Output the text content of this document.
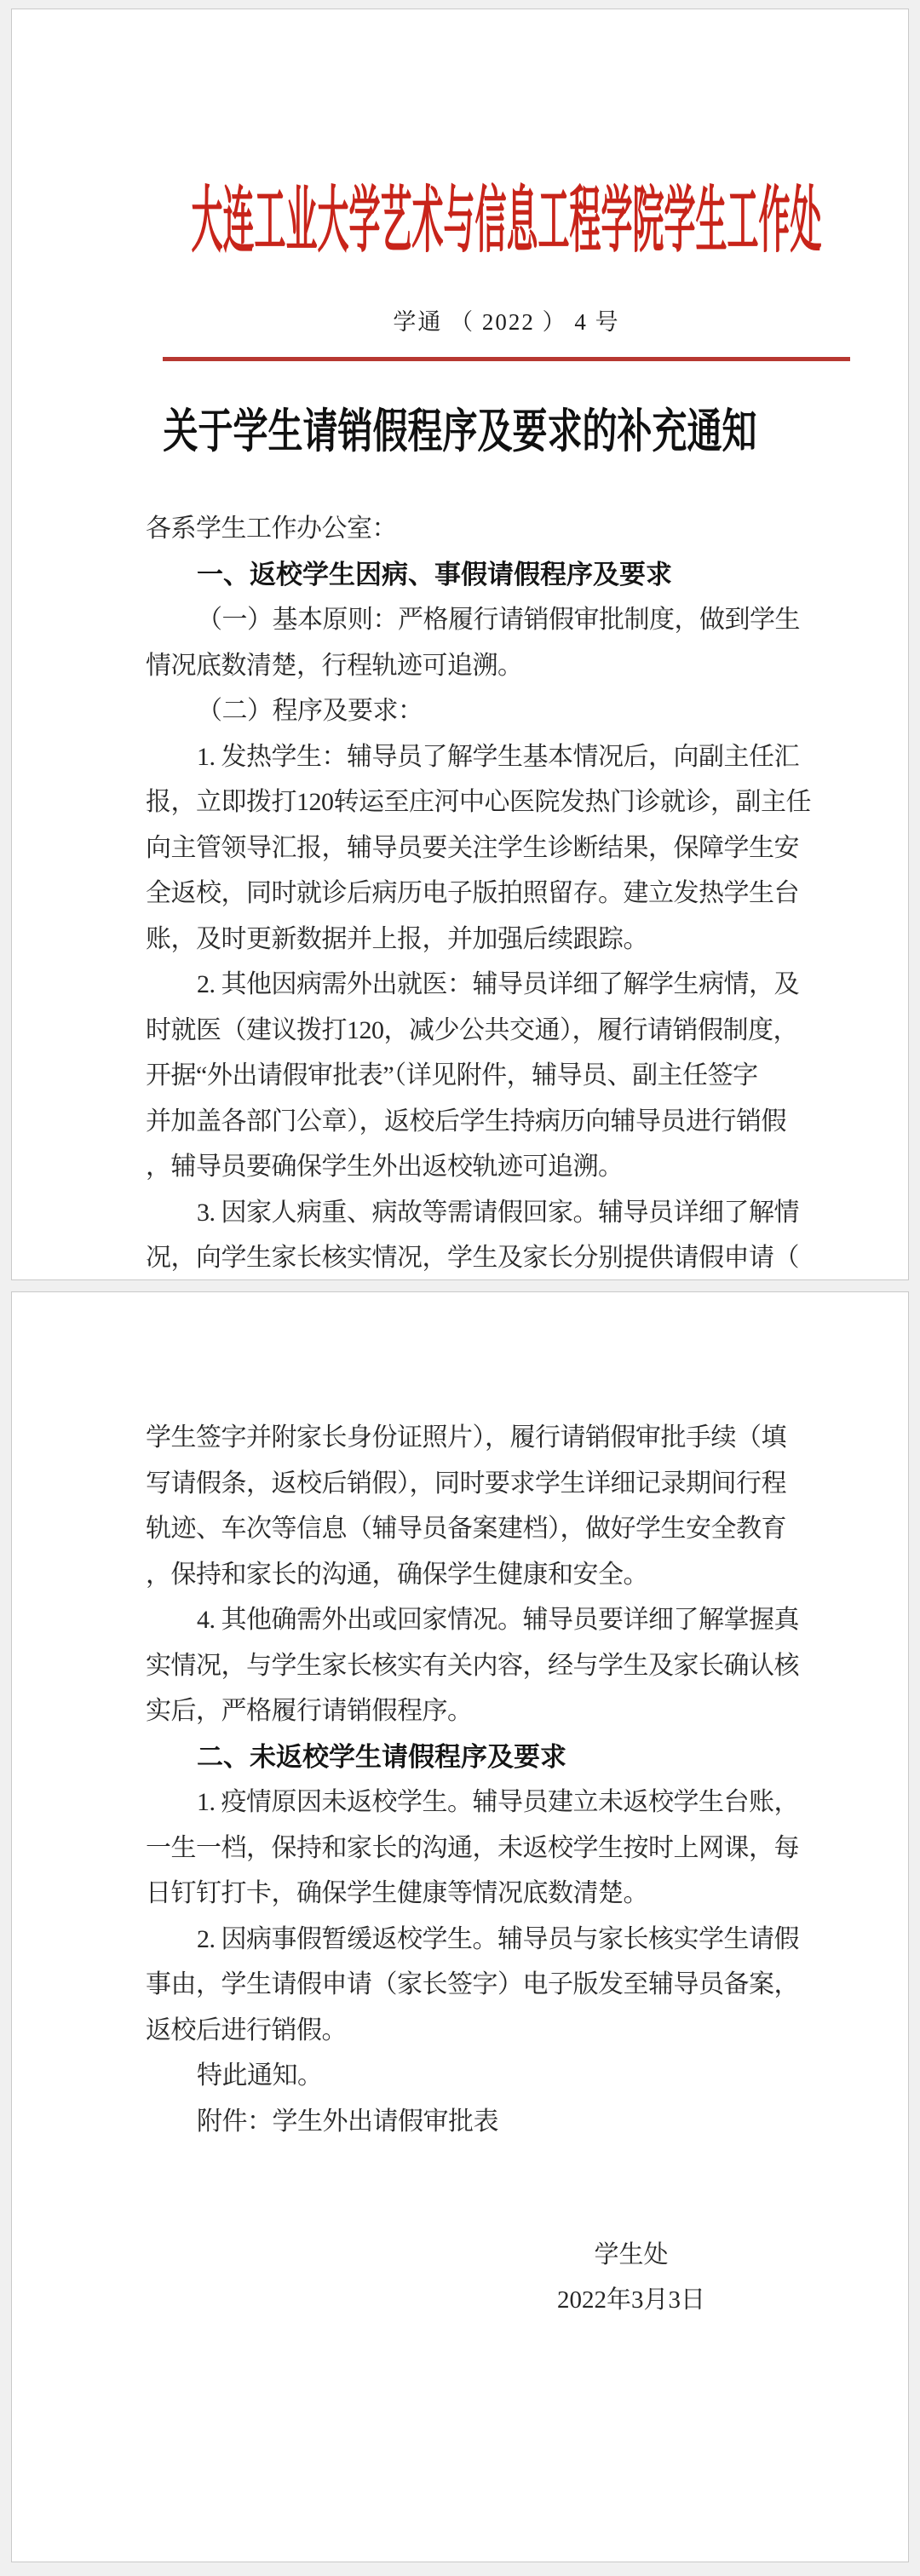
大连工业大学艺术与信息工程学院学生工作处
学通 （ 2022 ） 4 号
关于学生请销假程序及要求的补充通知
各系学生工作办公室：
一、返校学生因病、事假请假程序及要求
（一）基本原则：严格履行请销假审批制度，做到学生
情况底数清楚，行程轨迹可追溯。
（二）程序及要求：
1. 发热学生：辅导员了解学生基本情况后，向副主任汇
报，立即拨打120转运至庄河中心医院发热门诊就诊，副主任
向主管领导汇报，辅导员要关注学生诊断结果，保障学生安
全返校，同时就诊后病历电子版拍照留存。建立发热学生台
账，及时更新数据并上报，并加强后续跟踪。
2. 其他因病需外出就医：辅导员详细了解学生病情，及
时就医（建议拨打120，减少公共交通），履行请销假制度，
开据“外出请假审批表”（详见附件，辅导员、副主任签字
并加盖各部门公章），返校后学生持病历向辅导员进行销假
，辅导员要确保学生外出返校轨迹可追溯。
3. 因家人病重、病故等需请假回家。辅导员详细了解情
况，向学生家长核实情况，学生及家长分别提供请假申请（
学生签字并附家长身份证照片），履行请销假审批手续（填
写请假条，返校后销假），同时要求学生详细记录期间行程
轨迹、车次等信息（辅导员备案建档），做好学生安全教育
，保持和家长的沟通，确保学生健康和安全。
4. 其他确需外出或回家情况。辅导员要详细了解掌握真
实情况，与学生家长核实有关内容，经与学生及家长确认核
实后，严格履行请销假程序。
二、未返校学生请假程序及要求
1. 疫情原因未返校学生。辅导员建立未返校学生台账，
一生一档，保持和家长的沟通，未返校学生按时上网课，每
日钉钉打卡，确保学生健康等情况底数清楚。
2. 因病事假暂缓返校学生。辅导员与家长核实学生请假
事由，学生请假申请（家长签字）电子版发至辅导员备案，
返校后进行销假。
特此通知。
附件：学生外出请假审批表
学生处
2022年3月3日
